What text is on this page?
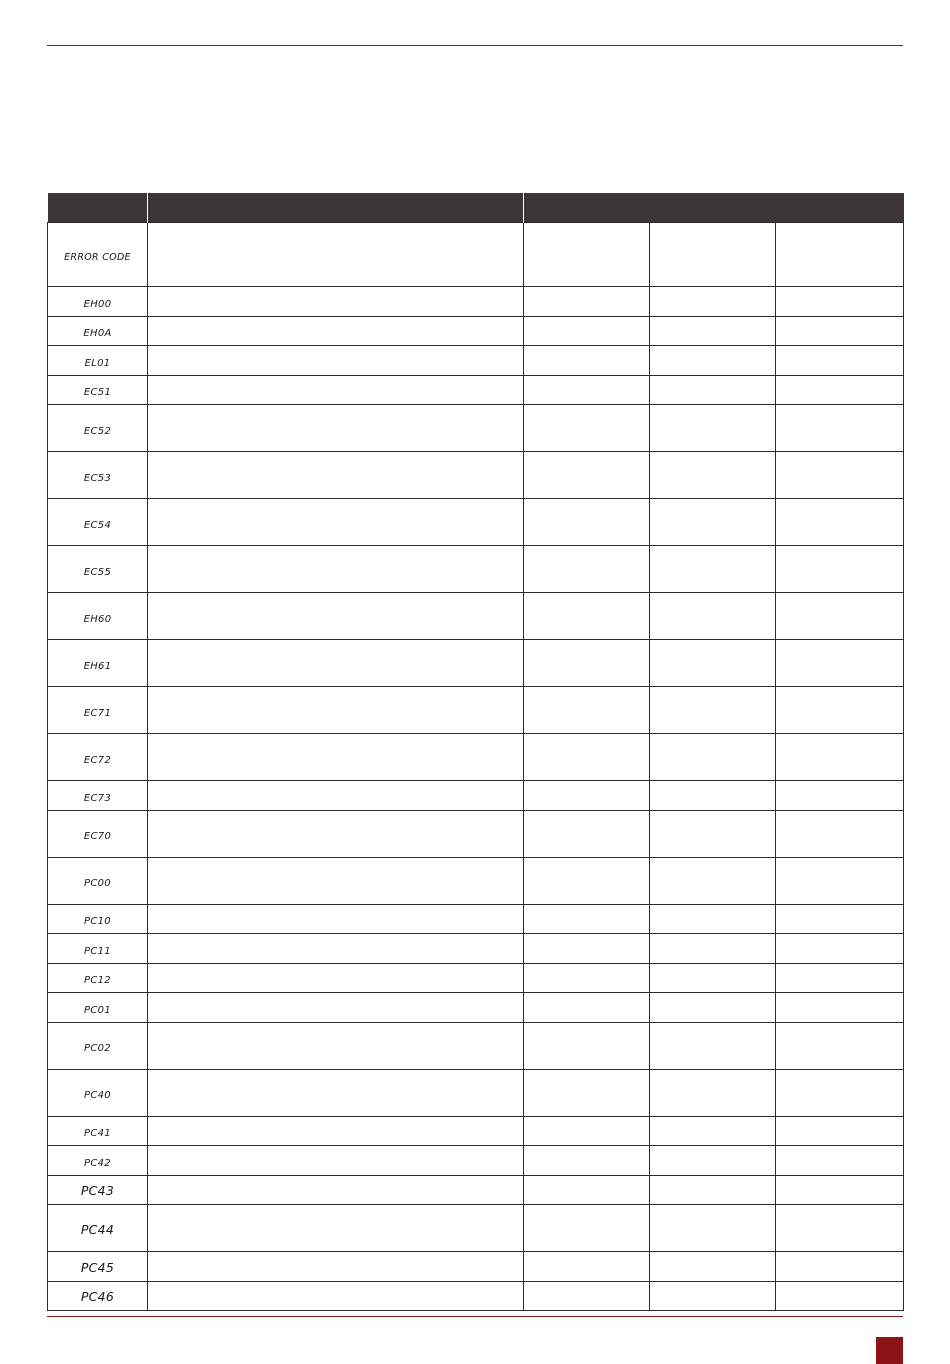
ERROR CODE				
EH00				
EH0A				
EL01				
EC51				
EC52				
EC53				
EC54				
EC55				
EH60				
EH61				
EC71				
EC72				
EC73				
EC70				
PC00				
PC10				
PC11				
PC12				
PC01				
PC02				
PC40				
PC41				
PC42				
PC43				
PC44				
PC45				
PC46				
